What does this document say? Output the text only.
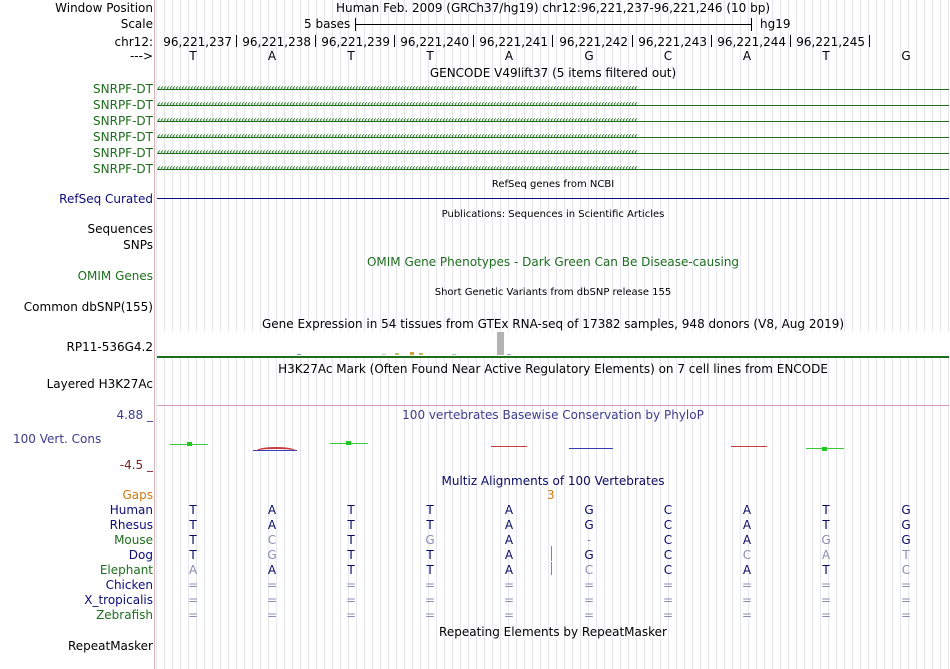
Window Position	Human Feb. 2009 (GRCh37/hg19) chr12:96,221,237-96,221,246 (10 bp)
Scale	5 bases	hg19
chr12: 96,221,237 96,221,238 96,221,239 96,221,240 96,221,241 96,221,242 96,221,243 96,221,244 96,221,245
--->	T	A	T	T	A	G	C	A	T	G
GENCODE V49lift37 (5 items filtered out)
SNRPF-DT ‹‹‹‹‹‹‹‹‹‹‹‹‹‹‹‹‹‹‹‹‹‹‹‹‹‹‹‹‹‹‹‹‹‹‹‹‹‹‹‹‹‹‹‹‹‹‹‹‹‹‹‹‹‹‹‹‹‹‹‹‹‹‹‹‹‹‹‹‹‹‹‹‹‹‹‹‹‹‹‹‹‹‹‹‹‹‹‹‹‹‹‹‹‹‹‹‹‹‹‹‹‹‹‹‹‹‹‹‹‹‹‹‹‹‹‹‹‹‹‹‹‹‹‹‹‹‹‹‹‹‹‹‹‹‹‹‹‹‹‹‹‹‹‹‹‹‹‹‹‹‹‹‹‹‹‹‹‹‹‹
SNRPF-DT ‹‹‹‹‹‹‹‹‹‹‹‹‹‹‹‹‹‹‹‹‹‹‹‹‹‹‹‹‹‹‹‹‹‹‹‹‹‹‹‹‹‹‹‹‹‹‹‹‹‹‹‹‹‹‹‹‹‹‹‹‹‹‹‹‹‹‹‹‹‹‹‹‹‹‹‹‹‹‹‹‹‹‹‹‹‹‹‹‹‹‹‹‹‹‹‹‹‹‹‹‹‹‹‹‹‹‹‹‹‹‹‹‹‹‹‹‹‹‹‹‹‹‹‹‹‹‹‹‹‹‹‹‹‹‹‹‹‹‹‹‹‹‹‹‹‹‹‹‹‹‹‹‹‹‹‹‹‹‹‹
SNRPF-DT ‹‹‹‹‹‹‹‹‹‹‹‹‹‹‹‹‹‹‹‹‹‹‹‹‹‹‹‹‹‹‹‹‹‹‹‹‹‹‹‹‹‹‹‹‹‹‹‹‹‹‹‹‹‹‹‹‹‹‹‹‹‹‹‹‹‹‹‹‹‹‹‹‹‹‹‹‹‹‹‹‹‹‹‹‹‹‹‹‹‹‹‹‹‹‹‹‹‹‹‹‹‹‹‹‹‹‹‹‹‹‹‹‹‹‹‹‹‹‹‹‹‹‹‹‹‹‹‹‹‹‹‹‹‹‹‹‹‹‹‹‹‹‹‹‹‹‹‹‹‹‹‹‹‹‹‹‹‹‹‹
SNRPF-DT ‹‹‹‹‹‹‹‹‹‹‹‹‹‹‹‹‹‹‹‹‹‹‹‹‹‹‹‹‹‹‹‹‹‹‹‹‹‹‹‹‹‹‹‹‹‹‹‹‹‹‹‹‹‹‹‹‹‹‹‹‹‹‹‹‹‹‹‹‹‹‹‹‹‹‹‹‹‹‹‹‹‹‹‹‹‹‹‹‹‹‹‹‹‹‹‹‹‹‹‹‹‹‹‹‹‹‹‹‹‹‹‹‹‹‹‹‹‹‹‹‹‹‹‹‹‹‹‹‹‹‹‹‹‹‹‹‹‹‹‹‹‹‹‹‹‹‹‹‹‹‹‹‹‹‹‹‹‹‹‹
SNRPF-DT ‹‹‹‹‹‹‹‹‹‹‹‹‹‹‹‹‹‹‹‹‹‹‹‹‹‹‹‹‹‹‹‹‹‹‹‹‹‹‹‹‹‹‹‹‹‹‹‹‹‹‹‹‹‹‹‹‹‹‹‹‹‹‹‹‹‹‹‹‹‹‹‹‹‹‹‹‹‹‹‹‹‹‹‹‹‹‹‹‹‹‹‹‹‹‹‹‹‹‹‹‹‹‹‹‹‹‹‹‹‹‹‹‹‹‹‹‹‹‹‹‹‹‹‹‹‹‹‹‹‹‹‹‹‹‹‹‹‹‹‹‹‹‹‹‹‹‹‹‹‹‹‹‹‹‹‹‹‹‹‹
SNRPF-DT ‹‹‹‹‹‹‹‹‹‹‹‹‹‹‹‹‹‹‹‹‹‹‹‹‹‹‹‹‹‹‹‹‹‹‹‹‹‹‹‹‹‹‹‹‹‹‹‹‹‹‹‹‹‹‹‹‹‹‹‹‹‹‹‹‹‹‹‹‹‹‹‹‹‹‹‹‹‹‹‹‹‹‹‹‹‹‹‹‹‹‹‹‹‹‹‹‹‹‹‹‹‹‹‹‹‹‹‹‹‹‹‹‹‹‹‹‹‹‹‹‹‹‹‹‹‹‹‹‹‹‹‹‹‹‹‹‹‹‹‹‹‹‹‹‹‹‹‹‹‹‹‹‹‹‹‹‹‹‹‹
RefSeq genes from NCBI
RefSeq Curated
Publications: Sequences in Scientific Articles
Sequences
SNPs
OMIM Gene Phenotypes - Dark Green Can Be Disease-causing
OMIM Genes
Short Genetic Variants from dbSNP release 155
Common dbSNP(155)
Gene Expression in 54 tissues from GTEx RNA-seq of 17382 samples, 948 donors (V8, Aug 2019)
RP11-536G4.2
H3K27Ac Mark (Often Found Near Active Regulatory Elements) on 7 cell lines from ENCODE
Layered H3K27Ac
100 vertebrates Basewise Conservation by PhyloP
4.88 _
100 Vert. Cons
-4.5 _
Multiz Alignments of 100 Vertebrates
Gaps	3
Human	T	A	T	T	A	G	C	A	T	G
Rhesus	T	A	T	T	A	G	C	A	T	G
Mouse	T	C	T	G	A	-	C	A	G	G
Dog	T	G	T	T	A	G	C	C	A	T
Elephant	A	A	T	T	A	C	C	A	T	C
Chicken	=	=	=	=	=	=	=	=	=	=
X_tropicalis	=	=	=	=	=	=	=	=	=	=
Zebrafish	=	=	=	=	=	=	=	=	=	=
Repeating Elements by RepeatMasker
RepeatMasker
